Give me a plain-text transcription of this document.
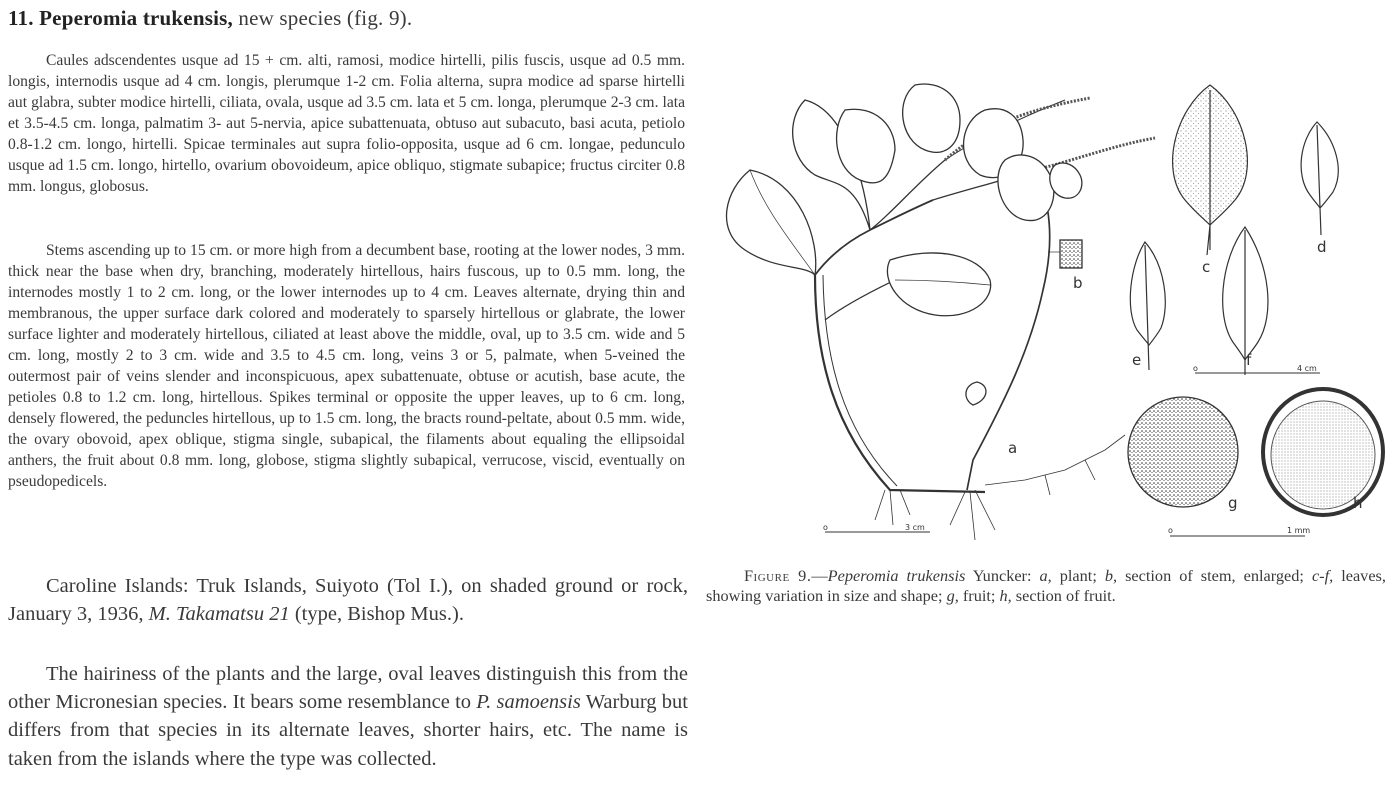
11. Peperomia trukensis, new species (fig. 9).

Caules adscendentes usque ad 15 + cm. alti, ramosi, modice hirtelli, pilis fuscis, usque ad 0.5 mm. longis, internodis usque ad 4 cm. longis, plerumque 1-2 cm. Folia alterna, supra modice ad sparse hirtelli aut glabra, subter modice hirtelli, ciliata, ovala, usque ad 3.5 cm. lata et 5 cm. longa, plerumque 2-3 cm. lata et 3.5-4.5 cm. longa, palmatim 3- aut 5-nervia, apice subattenuata, obtuso aut subacuto, basi acuta, petiolo 0.8-1.2 cm. longo, hirtelli. Spicae terminales aut supra folio-opposita, usque ad 6 cm. longae, pedunculo usque ad 1.5 cm. longo, hirtello, ovarium obovoideum, apice obliquo, stigmate subapice; fructus circiter 0.8 mm. longus, globosus.

Stems ascending up to 15 cm. or more high from a decumbent base, rooting at the lower nodes, 3 mm. thick near the base when dry, branching, moderately hirtellous, hairs fuscous, up to 0.5 mm. long, the internodes mostly 1 to 2 cm. long, or the lower internodes up to 4 cm. Leaves alternate, drying thin and membranous, the upper surface dark colored and moderately to sparsely hirtellous or glabrate, the lower surface lighter and moderately hirtellous, ciliated at least above the middle, oval, up to 3.5 cm. wide and 5 cm. long, mostly 2 to 3 cm. wide and 3.5 to 4.5 cm. long, veins 3 or 5, palmate, when 5-veined the outermost pair of veins slender and inconspicuous, apex subattenuate, obtuse or acutish, base acute, the petioles 0.8 to 1.2 cm. long, hirtellous. Spikes terminal or opposite the upper leaves, up to 6 cm. long, densely flowered, the peduncles hirtellous, up to 1.5 cm. long, the bracts round-peltate, about 0.5 mm. wide, the ovary obovoid, apex oblique, stigma single, subapical, the filaments about equaling the ellipsoidal anthers, the fruit about 0.8 mm. long, globose, stigma slightly subapical, verrucose, viscid, eventually on pseudopedicels.

Caroline Islands: Truk Islands, Suiyoto (Tol I.), on shaded ground or rock, January 3, 1936, M. Takamatsu 21 (type, Bishop Mus.).

The hairiness of the plants and the large, oval leaves distinguish this from the other Micronesian species. It bears some resemblance to P. samoensis Warburg but differs from that species in its alternate leaves, shorter hairs, etc. The name is taken from the islands where the type was collected.

a
b
c
d
e	f
g	h
o	3 cm
o	4 cm
o	1 mm

Figure 9.—Peperomia trukensis Yuncker: a, plant; b, section of stem, enlarged; c-f, leaves, showing variation in size and shape; g, fruit; h, section of fruit.
